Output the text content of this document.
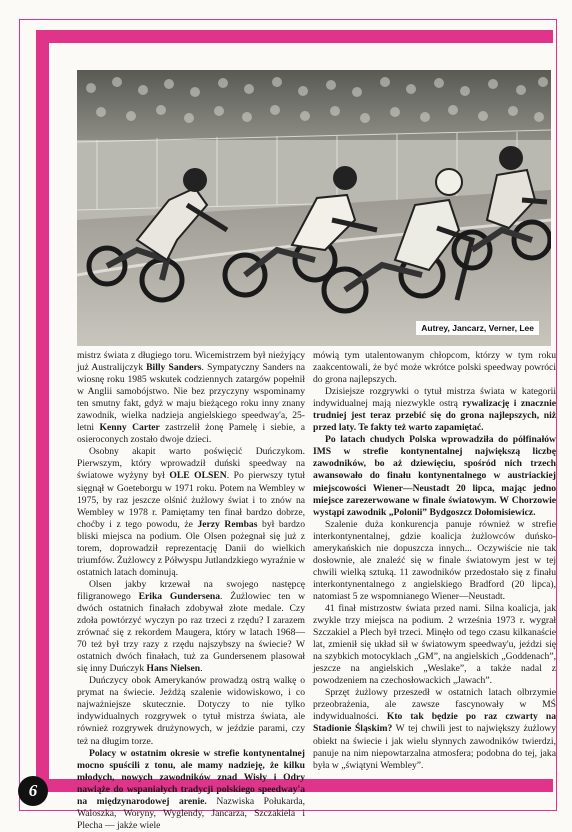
Autrey, Jancarz, Verner, Lee

mistrz świata z długiego toru. Wicemistrzem był nieżyjący już Australijczyk Billy Sanders. Sympatyczny Sanders na wiosnę roku 1985 wskutek codziennych zatargów popełnił w Anglii samobójstwo. Nie bez przyczyny wspominamy ten smutny fakt, gdyż w maju bieżącego roku inny znany zawodnik, wielka nadzieja angielskiego speedway'a, 25-letni Kenny Carter zastrzelił żonę Pamelę i siebie, a osieroconych zostało dwoje dzieci.

Osobny akapit warto poświęcić Duńczykom. Pierwszym, który wprowadził duński speedway na światowe wyżyny był OLE OLSEN. Po pierwszy tytuł sięgnął w Goeteborgu w 1971 roku. Potem na Wembley w 1975, by raz jeszcze olśnić żużlowy świat i to znów na Wembley w 1978 r. Pamiętamy ten finał bardzo dobrze, choćby i z tego powodu, że Jerzy Rembas był bardzo bliski miejsca na podium. Ole Olsen pożegnał się już z torem, doprowadził reprezentację Danii do wielkich triumfów. Żużlowcy z Półwyspu Jutlandzkiego wyraźnie w ostatnich latach dominują.

Olsen jakby krzewał na swojego następcę filigranowego Erika Gundersena. Żużlowiec ten w dwóch ostatnich finałach zdobywał złote medale. Czy zdoła powtórzyć wyczyn po raz trzeci z rzędu? I zarazem zrównać się z rekordem Maugera, który w latach 1968—70 też był trzy razy z rzędu najszybszy na świecie? W ostatnich dwóch finałach, tuż za Gundersenem plasował się inny Duńczyk Hans Nielsen.

Duńczycy obok Amerykanów prowadzą ostrą walkę o prymat na świecie. Jeżdżą szalenie widowiskowo, i co najważniejsze skutecznie. Dotyczy to nie tylko indywidualnych rozgrywek o tytuł mistrza świata, ale również rozgrywek drużynowych, w jeździe parami, czy też na długim torze.

Polacy w ostatnim okresie w strefie kontynentalnej mocno spuścili z tonu, ale mamy nadzieję, że kilku młodych, nowych zawodników znad Wisły i Odry nawiąże do wspaniałych tradycji polskiego speedway'a na międzynarodowej arenie. Nazwiska Połukarda, Waloszka, Woryny, Wyglendy, Jancarza, Szczakiela i Plecha — jakże wiele

mówią tym utalentowanym chłopcom, którzy w tym roku zaakcentowali, że być może wkrótce polski speedway powróci do grona najlepszych.

Dzisiejsze rozgrywki o tytuł mistrza świata w kategorii indywidualnej mają niezwykle ostrą rywalizację i znacznie trudniej jest teraz przebić się do grona najlepszych, niż przed laty. Te fakty też warto zapamiętać.

Po latach chudych Polska wprowadziła do półfinałów IMS w strefie kontynentalnej największą liczbę zawodników, bo aż dziewięciu, spośród nich trzech awansowało do finału kontynentalnego w austriackiej miejscowości Wiener—Neustadt 20 lipca, mając jedno miejsce zarezerwowane w finale światowym. W Chorzowie wystąpi zawodnik „Poloniі” Bydgoszcz Dołomisiewicz.

Szalenie duża konkurencja panuje również w strefie interkontynentalnej, gdzie koalicja żużlowców duńsko-amerykańskich nie dopuszcza innych... Oczywiście nie tak dosłownie, ale znaleźć się w finale światowym jest w tej chwili wielką sztuką. 11 zawodników przedostało się z finału interkontynentalnego z angielskiego Bradford (20 lipca), natomiast 5 ze wspomnianego Wiener—Neustadt.

41 finał mistrzostw świata przed nami. Silna koalicja, jak zwykle trzy miejsca na podium. 2 września 1973 r. wygrał Szczakiel a Plech był trzeci. Minęło od tego czasu kilkanaście lat, zmienił się układ sił w światowym speedway'u, jeździ się na szybkich motocyklach „GM”, na angielskich „Goddenach”, jeszcze na angielskich „Weslake”, a także nadal z powodzeniem na czechosłowackich „Jawach”.

Sprzęt żużlowy przeszedł w ostatnich latach olbrzymie przeobrażenia, ale zawsze fascynowały w MŚ indywidualności. Kto tak będzie po raz czwarty na Stadionie Śląskim? W tej chwili jest to największy żużlowy obiekt na świecie i jak wielu słynnych zawodników twierdzi, panuje na nim niepowtarzalna atmosfera; podobna do tej, jaka była w „świątyni Wembley”.

6
